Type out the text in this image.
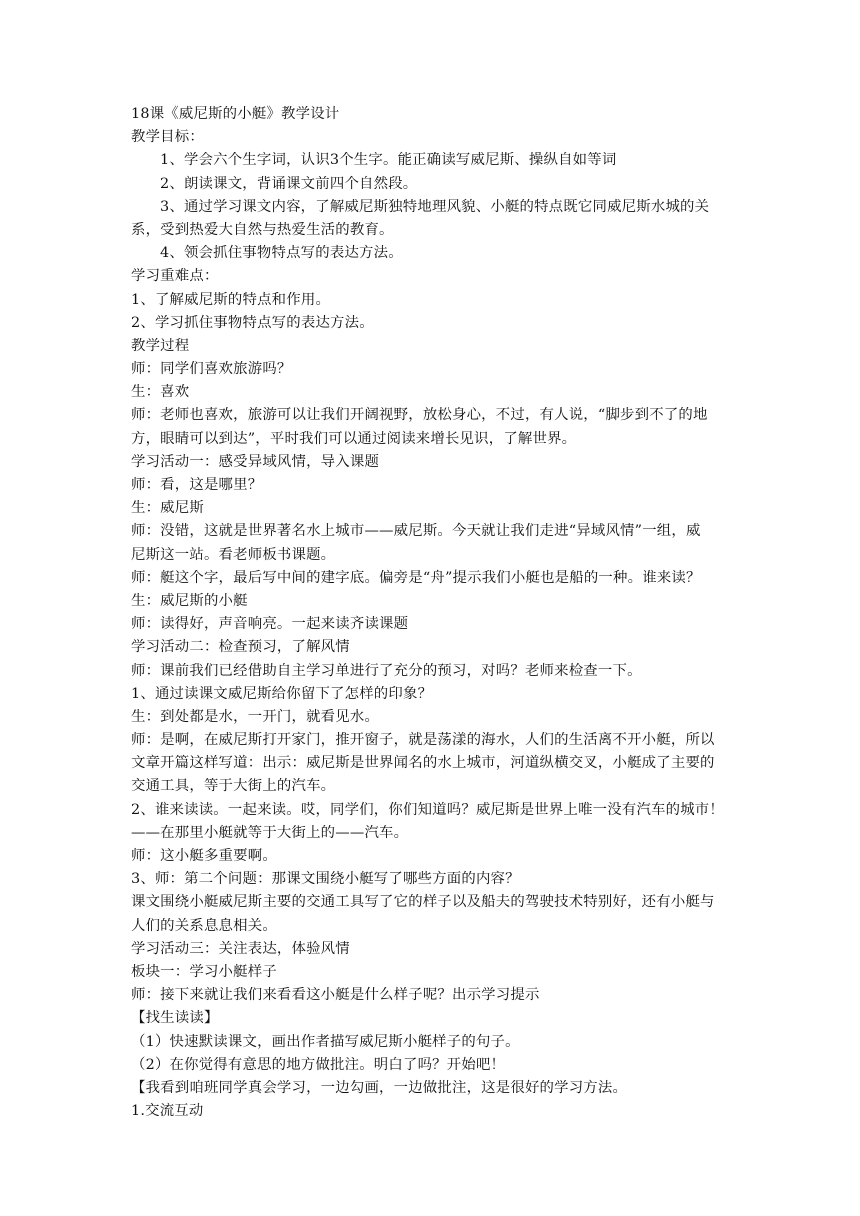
18课《威尼斯的小艇》教学设计
教学目标：
1、学会六个生字词，认识3个生字。能正确读写威尼斯、操纵自如等词
2、朗读课文，背诵课文前四个自然段。
3、通过学习课文内容，了解威尼斯独特地理风貌、小艇的特点既它同威尼斯水城的关
系，受到热爱大自然与热爱生活的教育。
4、领会抓住事物特点写的表达方法。
学习重难点：
1、了解威尼斯的特点和作用。
2、学习抓住事物特点写的表达方法。
教学过程
师：同学们喜欢旅游吗？
生：喜欢
师：老师也喜欢，旅游可以让我们开阔视野，放松身心，不过，有人说，“脚步到不了的地
方，眼睛可以到达”，平时我们可以通过阅读来增长见识，了解世界。
学习活动一：感受异域风情，导入课题
师：看，这是哪里？
生：威尼斯
师：没错，这就是世界著名水上城市——威尼斯。今天就让我们走进“异域风情”一组，威
尼斯这一站。看老师板书课题。
师：艇这个字，最后写中间的建字底。偏旁是“舟”提示我们小艇也是船的一种。谁来读？
生：威尼斯的小艇
师：读得好，声音响亮。一起来读齐读课题
学习活动二：检查预习，了解风情
师：课前我们已经借助自主学习单进行了充分的预习，对吗？老师来检查一下。
1、通过读课文威尼斯给你留下了怎样的印象？
生：到处都是水，一开门，就看见水。
师：是啊，在威尼斯打开家门，推开窗子，就是荡漾的海水，人们的生活离不开小艇，所以
文章开篇这样写道：出示：威尼斯是世界闻名的水上城市，河道纵横交叉，小艇成了主要的
交通工具，等于大街上的汽车。
2、谁来读读。一起来读。哎，同学们，你们知道吗？威尼斯是世界上唯一没有汽车的城市！
——在那里小艇就等于大街上的——汽车。
师：这小艇多重要啊。
3、师：第二个问题：那课文围绕小艇写了哪些方面的内容？
课文围绕小艇威尼斯主要的交通工具写了它的样子以及船夫的驾驶技术特别好，还有小艇与
人们的关系息息相关。
学习活动三：关注表达，体验风情
板块一：学习小艇样子
师：接下来就让我们来看看这小艇是什么样子呢？出示学习提示
【找生读读】
（1）快速默读课文，画出作者描写威尼斯小艇样子的句子。
（2）在你觉得有意思的地方做批注。明白了吗？开始吧！
【我看到咱班同学真会学习，一边勾画，一边做批注，这是很好的学习方法。
1.交流互动
